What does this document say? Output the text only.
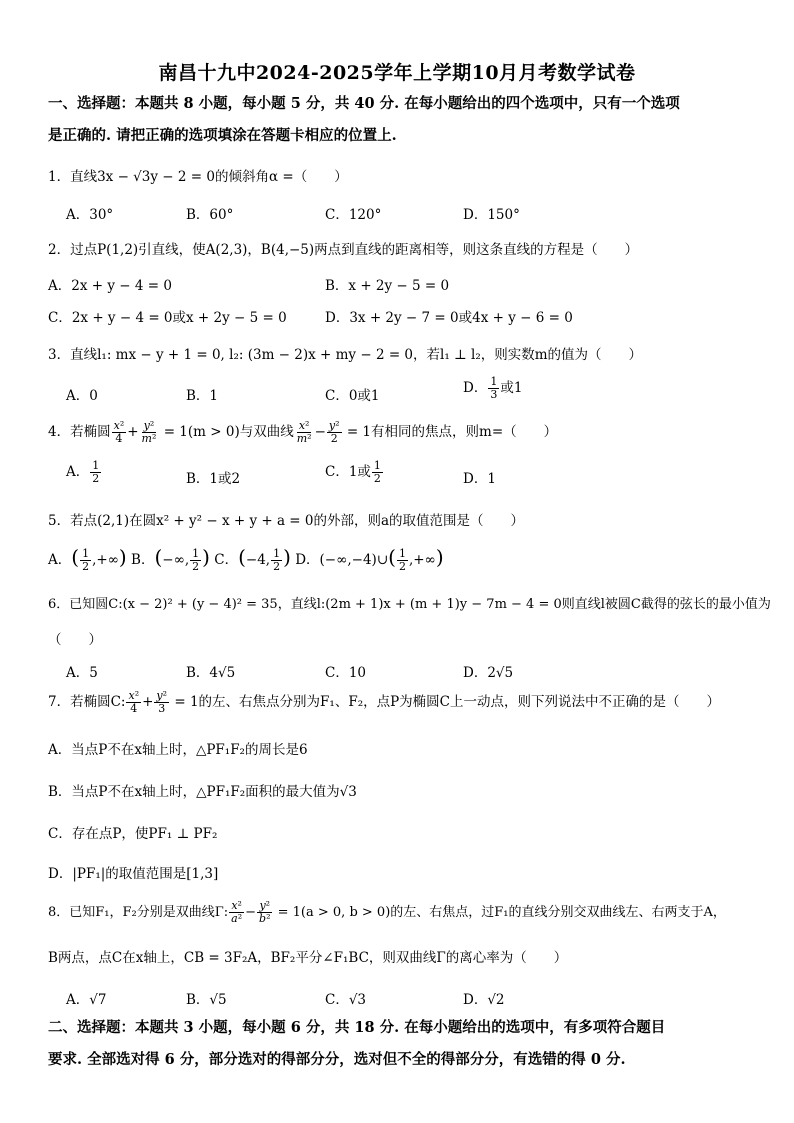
南昌十九中2024-2025学年上学期10月月考数学试卷
一、选择题：本题共 8 小题，每小题 5 分，共 40 分. 在每小题给出的四个选项中，只有一个选项
是正确的. 请把正确的选项填涂在答题卡相应的位置上.
1．直线3x − √3y − 2 = 0的倾斜角α =（　　）
A．30°	B．60°	C．120°	D．150°
2．过点P(1,2)引直线，使A(2,3)，B(4,−5)两点到直线的距离相等，则这条直线的方程是（　　）
A．2x + y − 4 = 0	B．x + 2y − 5 = 0
C．2x + y − 4 = 0或x + 2y − 5 = 0	D．3x + 2y − 7 = 0或4x + y − 6 = 0
3．直线l₁: mx − y + 1 = 0, l₂: (3m − 2)x + my − 2 = 0，若l₁ ⊥ l₂，则实数m的值为（　　）
A．0	B．1	C．0或1	D． $\frac{1}{3}$ 或1
4．若椭圆 $\frac{\text{x²}}{4} + \frac{\text{y²}}{\text{m²}} = 1(m > 0)$与双曲线 $\frac{\text{x²}}{\text{m²}} - \frac{\text{y²}}{2} = 1$有相同的焦点，则m=（　　）
A． $\frac{1}{2}$	B．1或2	C．1或 $\frac{1}{2}$	D．1
5．若点(2,1)在圆x² + y² − x + y + a = 0的外部，则a的取值范围是（　　）
A．( $\frac{1}{2}$ ,+∞) B．(−∞, $\frac{1}{2}$ ) C．(−4, $\frac{1}{2}$ ) D．(−∞,−4)∪( $\frac{1}{2}$ ,+∞)
6．已知圆C:(x − 2)² + (y − 4)² = 35，直线l:(2m + 1)x + (m + 1)y − 7m − 4 = 0则直线l被圆C截得的弦长的最小值为
（　　）
A．5	B．4√5	C．10	D．2√5
7．若椭圆C: $\frac{\text{x²}}{4} + \frac{\text{y²}}{3} = 1$的左、右焦点分别为F₁、F₂，点P为椭圆C上一动点，则下列说法中不正确的是（　　）
A．当点P不在x轴上时，△PF₁F₂的周长是6
B．当点P不在x轴上时，△PF₁F₂面积的最大值为√3
C．存在点P，使PF₁ ⊥ PF₂
D．|PF₁|的取值范围是[1,3]
8．已知F₁，F₂分别是双曲线Γ: $\frac{\text{x²}}{\text{a²}} - \frac{\text{y²}}{\text{b²}} = 1(a > 0$, b > 0)的左、右焦点，过F₁的直线分别交双曲线左、右两支于A，
B两点，点C在x轴上，CB = 3F₂A，BF₂平分∠F₁BC，则双曲线Γ的离心率为（　　）
A．√7	B．√5	C．√3	D．√2
二、选择题：本题共 3 小题，每小题 6 分，共 18 分. 在每小题给出的选项中，有多项符合题目
要求. 全部选对得 6 分，部分选对的得部分分，选对但不全的得部分分，有选错的得 0 分.
